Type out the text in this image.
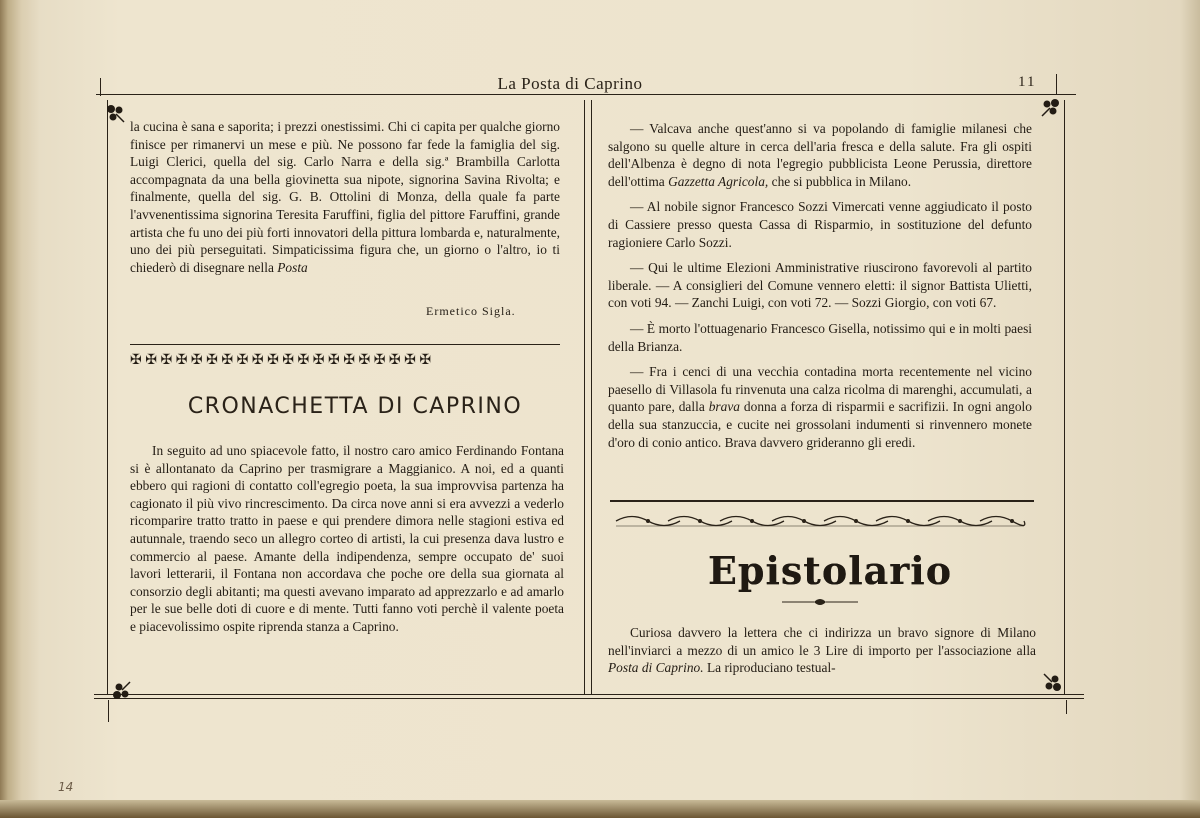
La Posta di Caprino	11

la cucina è sana e saporita; i prezzi onestissimi. Chi ci capita per qualche giorno finisce per rimanervi un mese e più. Ne possono far fede la famiglia del sig. Luigi Clerici, quella del sig. Carlo Narra e della sig.ª Brambilla Carlotta accompagnata da una bella giovinetta sua nipote, signorina Savina Rivolta; e finalmente, quella del sig. G. B. Ottolini di Monza, della quale fa parte l'avvenentissima signorina Teresita Faruffini, figlia del pittore Faruffini, grande artista che fu uno dei più forti innovatori della pittura lombarda e, naturalmente, uno dei più perseguitati. Simpaticissima figura che, un giorno o l'altro, io ti chiederò di disegnare nella Posta

Ermetico Sigla.
✠✠✠✠✠✠✠✠✠✠✠✠✠✠✠✠✠✠✠✠
CRONACHETTA DI CAPRINO

In seguito ad uno spiacevole fatto, il nostro caro amico Ferdinando Fontana si è allontanato da Caprino per trasmigrare a Maggianico. A noi, ed a quanti ebbero qui ragioni di contatto coll'egregio poeta, la sua improvvisa partenza ha cagionato il più vivo rincrescimento. Da circa nove anni si era avvezzi a vederlo ricomparire tratto tratto in paese e qui prendere dimora nelle stagioni estiva ed autunnale, traendo seco un allegro corteo di artisti, la cui presenza dava lustro e commercio al paese. Amante della indipendenza, sempre occupato de' suoi lavori letterarii, il Fontana non accordava che poche ore della sua giornata al consorzio degli abitanti; ma questi avevano imparato ad apprezzarlo e ad amarlo per le sue belle doti di cuore e di mente. Tutti fanno voti perchè il valente poeta e piacevolissimo ospite riprenda stanza a Caprino.

— Valcava anche quest'anno si va popolando di famiglie milanesi che salgono su quelle alture in cerca dell'aria fresca e della salute. Fra gli ospiti dell'Albenza è degno di nota l'egregio pubblicista Leone Perussia, direttore dell'ottima Gazzetta Agricola, che si pubblica in Milano.

— Al nobile signor Francesco Sozzi Vimercati venne aggiudicato il posto di Cassiere presso questa Cassa di Risparmio, in sostituzione del defunto ragioniere Carlo Sozzi.

— Qui le ultime Elezioni Amministrative riuscirono favorevoli al partito liberale. — A consiglieri del Comune vennero eletti: il signor Battista Ulietti, con voti 94. — Zanchi Luigi, con voti 72. — Sozzi Giorgio, con voti 67.

— È morto l'ottuagenario Francesco Gisella, notissimo qui e in molti paesi della Brianza.

— Fra i cenci di una vecchia contadina morta recentemente nel vicino paesello di Villasola fu rinvenuta una calza ricolma di marenghi, accumulati, a quanto pare, dalla brava donna a forza di risparmii e sacrifizii. In ogni angolo della sua stanzuccia, e cucite nei grossolani indumenti si rinvennero monete d'oro di conio antico. Brava davvero grideranno gli eredi.

Epistolario

Curiosa davvero la lettera che ci indirizza un bravo signore di Milano nell'inviarci a mezzo di un amico le 3 Lire di importo per l'associazione alla Posta di Caprino. La riproduciano testual-

14
